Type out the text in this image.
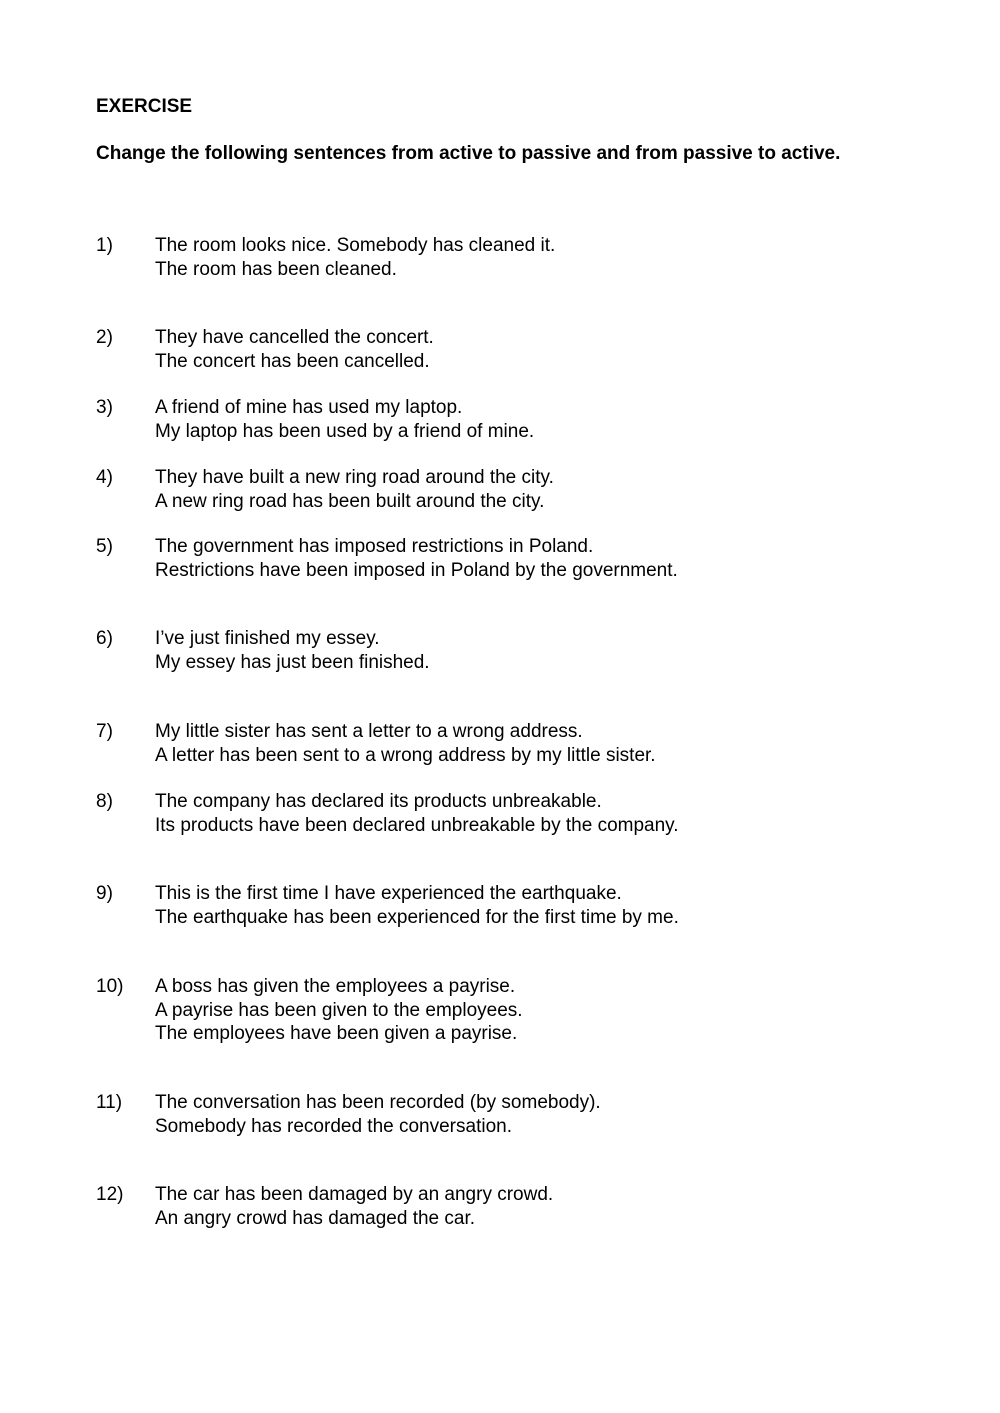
EXERCISE
Change the following sentences from active to passive and from passive to active.
1) The room looks nice. Somebody has cleaned it.
The room has been cleaned.
2) They have cancelled the concert.
The concert has been cancelled.
3) A friend of mine has used my laptop.
My laptop has been used by a friend of mine.
4) They have built a new ring road around the city.
A new ring road has been built around the city.
5) The government has imposed restrictions in Poland.
Restrictions have been imposed in Poland by the government.
6) I’ve just finished my essey.
My essey has just been finished.
7) My little sister has sent a letter to a wrong address.
A letter has been sent to a wrong address by my little sister.
8) The company has declared its products unbreakable.
Its products have been declared unbreakable by the company.
9) This is the first time I have experienced the earthquake.
The earthquake has been experienced for the first time by me.
10) A boss has given the employees a payrise.
A payrise has been given to the employees.
The employees have been given a payrise.
11) The conversation has been recorded (by somebody).
Somebody has recorded the conversation.
12) The car has been damaged by an angry crowd.
An angry crowd has damaged the car.
